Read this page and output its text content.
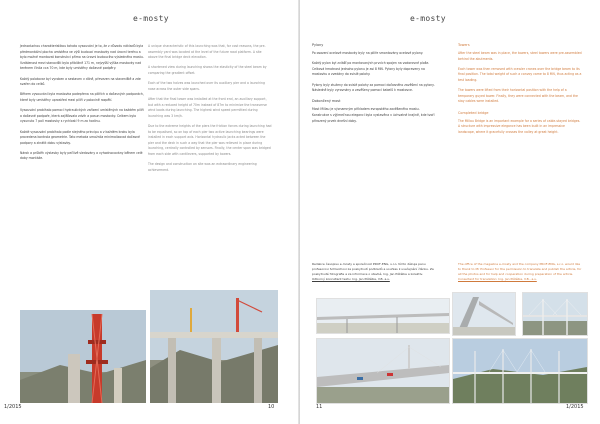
e-mosty

Jednoduchou charakteristikou tohoto vysouvání je to, že z důvodu nákladů byla předmontážní plocha umístěna ve výši budoucí mostovky nad úrovní terénu a bylo možné montovat konstrukci přímo na úrovni budoucího výsledného mostu. Vzdálenost mezi stanovišti byla přibližně 171 m, nejvyšší výška mostovky nad terénem činila cca 70 m, kde byly umístěny dočasné podpěry.

Každý polotovar byl vyroben a sestaven v dílně, převezen na staveniště a zde svařen do celků.

Během vysouvání byla mostovka podepřena na pilířích a dočasných podporách, které byly umístěny uprostřed mezi pilíři v polovině rozpětí.

Vysouvání probíhalo pomocí hydraulických zařízení umístěných na každém pilíři a dočasné podpoře, která zajišťovala zdvih a posun mostovky. Celkem bylo vysunuto 7 polí mostovky s rychlostí 9 m za hodinu.

Každé vysouvání probíhalo podle stejného principu a v každém kroku byla provedena kontrola geometrie. Tato metoda umožnila minimalizovat dočasné podpory a zkrátit dobu výstavby.

Nárok a průběh výstavby byly pečlivě sledovány a vyhodnocovány během celé doby montáže.

A unique characteristic of this launching was that, for cost reasons, the pre-assembly yard was located at the level of the future road platform. A site above the final bridge deck elevation.

A shortened view during launching shows the elasticity of the steel beam by comparing the gradient offset.

Each of the two halves was launched over its auxiliary pier and a launching nose across the outer side spans.

After that the final tower was installed at the front end, an auxiliary support, but with a reduced height of 70m instead of 87m to minimize the transverse wind loads during launching. The highest wind speed permitted during launching was 3 km/h.

Due to the extreme heights of the piers the friction forces during launching had to be equalised, so on top of each pier two active launching bearings were installed in each support axis. Horizontal hydraulic jacks acted between the pier and the deck in such a way that the pier was relieved in place during launching, centrally controlled by sensors. Finally, the center span was bridged from each side with cantilevers, supported by towers.

The design and construction on site was an extraordinary engineering achievement.

1/2015	10
e-mosty
Pylony

Po osazení ocelové mostovky byly na pilíře smontovány ocelové pylony.

Každý pylon byl zvlášť po montovaných prvcích spojen na vodorovné ploše. Celková hmotnost jednoho pylonu je asi 8 MN. Pylony byly dopraveny na mostovku a zvedány do svislé polohy.

Pylony byly ztuženy do svislé polohy za pomoci dočasného zavěšení na pylony. Následně byly vyrovnány a zavěšeny pomocí kabelů k mostovce.

Dokončený most

Most Millau je významným příkladem evropského zavěšeného mostu. Konstrukce s výjimečnou elegancí byla vystavěna v úchvatné krajině, kde tvoří přirozený prvek dnešní doby.

Towers

After the steel beam was in place, the towers, steel towers were pre-assembled behind the abutments.

Each tower was then removed with crawler cranes over the bridge beam to its final position. The total weight of such a convoy came to 8 MN, thus acting as a test loading.

The towers were lifted from their horizontal position with the help of a temporary guyed tower. Finally, they were connected with the beam, and the stay cables were installed.

Completed bridge

The Millau Bridge is an important example for a series of cable-stayed bridges. A structure with impressive elegance has been built in an impressive landscape, where it gracefully crosses the valley at great height.

Redakce časopisu e-mosty a společnost PROF-ENG, s.r.o. tímto děkuje panu profesorovi Schlaichovi za poskytnutí podkladů a souhlas k uveřejnění článku. Za poskytnuté fotografie a za informace o stavbě, Ing. Jan Pištělka a kolektiv.
Odborný konzultant textu: Ing. Jan Pištělka, V.B. a.s.
The office of the magazine e-mosty and the company PROF-ENG, s.r.o. would like to thank to Mr Professor for the permission to translate and publish the article, for all the photos and for help and cooperation during preparation of the article.
Consultant for translation: Ing. Jan Pištělka, V.B., a.s.
11	1/2015
